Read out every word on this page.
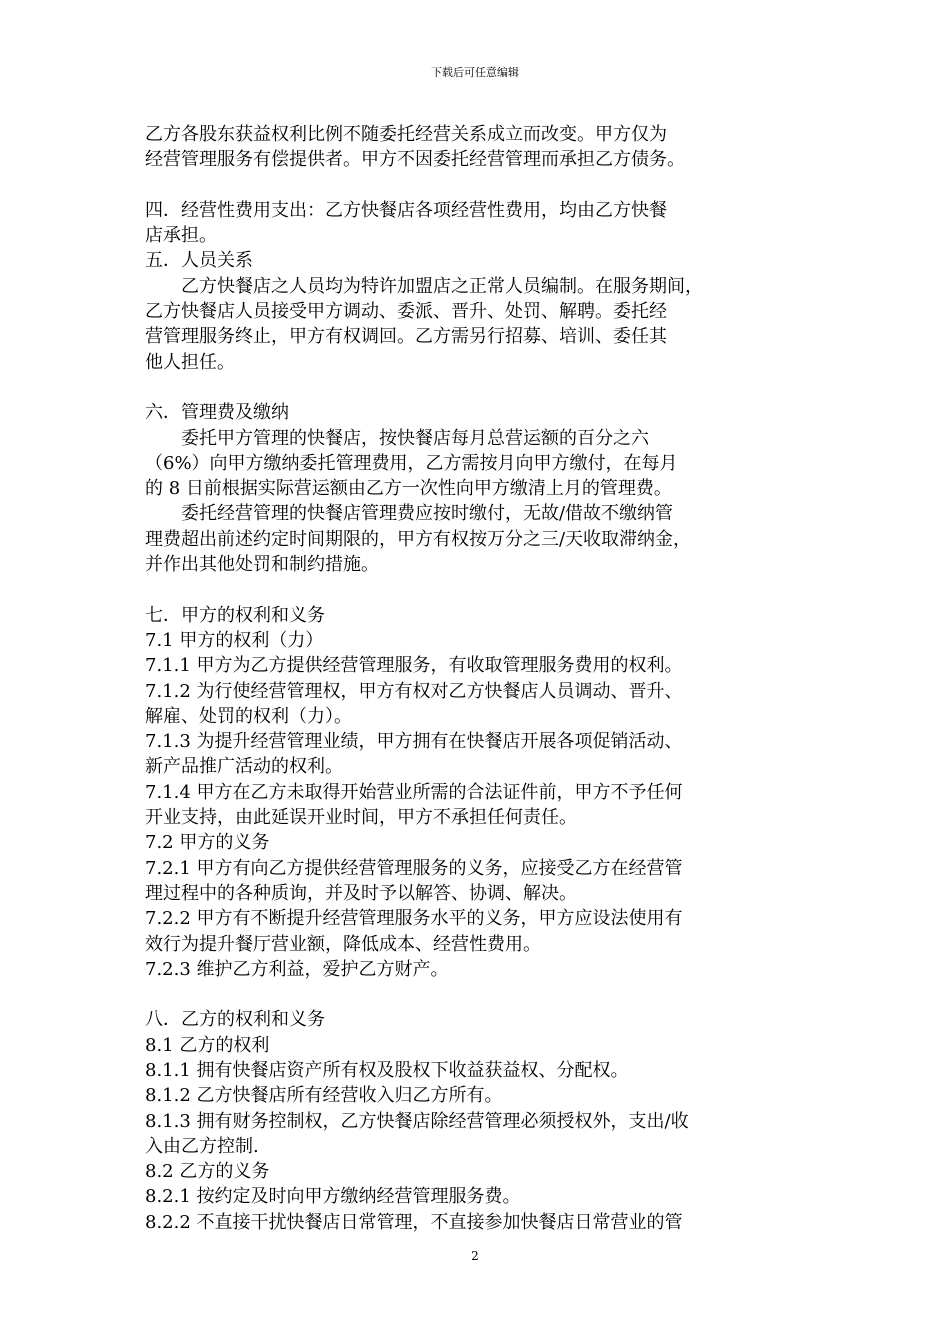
下载后可任意编辑
乙方各股东获益权利比例不随委托经营关系成立而改变。甲方仅为
经营管理服务有偿提供者。甲方不因委托经营管理而承担乙方债务。
四．经营性费用支出：乙方快餐店各项经营性费用，均由乙方快餐
店承担。
五．人员关系
乙方快餐店之人员均为特许加盟店之正常人员编制。在服务期间，
乙方快餐店人员接受甲方调动、委派、晋升、处罚、解聘。委托经
营管理服务终止，甲方有权调回。乙方需另行招募、培训、委任其
他人担任。
六．管理费及缴纳
委托甲方管理的快餐店，按快餐店每月总营运额的百分之六
（6%）向甲方缴纳委托管理费用，乙方需按月向甲方缴付，在每月
的 8 日前根据实际营运额由乙方一次性向甲方缴清上月的管理费。
委托经营管理的快餐店管理费应按时缴付，无故/借故不缴纳管
理费超出前述约定时间期限的，甲方有权按万分之三/天收取滞纳金，
并作出其他处罚和制约措施。
七．甲方的权利和义务
7.1 甲方的权利（力）
7.1.1 甲方为乙方提供经营管理服务，有收取管理服务费用的权利。
7.1.2 为行使经营管理权，甲方有权对乙方快餐店人员调动、晋升、
解雇、处罚的权利（力）。
7.1.3 为提升经营管理业绩，甲方拥有在快餐店开展各项促销活动、
新产品推广活动的权利。
7.1.4 甲方在乙方未取得开始营业所需的合法证件前，甲方不予任何
开业支持，由此延误开业时间，甲方不承担任何责任。
7.2 甲方的义务
7.2.1 甲方有向乙方提供经营管理服务的义务，应接受乙方在经营管
理过程中的各种质询，并及时予以解答、协调、解决。
7.2.2 甲方有不断提升经营管理服务水平的义务，甲方应设法使用有
效行为提升餐厅营业额，降低成本、经营性费用。
7.2.3 维护乙方利益，爱护乙方财产。
八．乙方的权利和义务
8.1 乙方的权利
8.1.1 拥有快餐店资产所有权及股权下收益获益权、分配权。
8.1.2 乙方快餐店所有经营收入归乙方所有。
8.1.3 拥有财务控制权，乙方快餐店除经营管理必须授权外，支出/收
入由乙方控制.
8.2 乙方的义务
8.2.1 按约定及时向甲方缴纳经营管理服务费。
8.2.2 不直接干扰快餐店日常管理，不直接参加快餐店日常营业的管
2
